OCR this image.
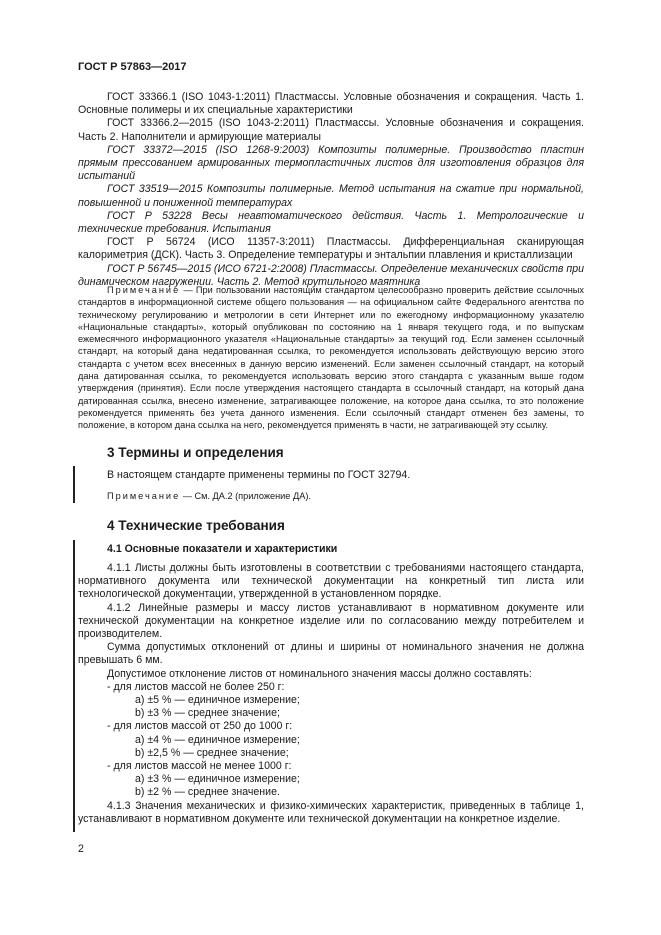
ГОСТ Р 57863—2017

ГОСТ 33366.1 (ISO 1043-1:2011) Пластмассы. Условные обозначения и сокращения. Часть 1. Основные полимеры и их специальные характеристики

ГОСТ 33366.2—2015 (ISO 1043-2:2011) Пластмассы. Условные обозначения и сокращения. Часть 2. Наполнители и армирующие материалы

ГОСТ 33372—2015 (ISO 1268-9:2003) Композиты полимерные. Производство пластин прямым прессованием армированных термопластичных листов для изготовления образцов для испытаний

ГОСТ 33519—2015 Композиты полимерные. Метод испытания на сжатие при нормальной, повышенной и пониженной температурах

ГОСТ Р 53228 Весы неавтоматического действия. Часть 1. Метрологические и технические требования. Испытания

ГОСТ Р 56724 (ИСО 11357-3:2011) Пластмассы. Дифференциальная сканирующая калориметрия (ДСК). Часть 3. Определение температуры и энтальпии плавления и кристаллизации

ГОСТ Р 56745—2015 (ИСО 6721-2:2008) Пластмассы. Определение механических свойств при динамическом нагружении. Часть 2. Метод крутильного маятника

Примечание — При пользовании настоящим стандартом целесообразно проверить действие ссылочных стандартов в информационной системе общего пользования — на официальном сайте Федерального агентства по техническому регулированию и метрологии в сети Интернет или по ежегодному информационному указателю «Национальные стандарты», который опубликован по состоянию на 1 января текущего года, и по выпускам ежемесячного информационного указателя «Национальные стандарты» за текущий год. Если заменен ссылочный стандарт, на который дана недатированная ссылка, то рекомендуется использовать действующую версию этого стандарта с учетом всех внесенных в данную версию изменений. Если заменен ссылочный стандарт, на который дана датированная ссылка, то рекомендуется использовать версию этого стандарта с указанным выше годом утверждения (принятия). Если после утверждения настоящего стандарта в ссылочный стандарт, на который дана датированная ссылка, внесено изменение, затрагивающее положение, на которое дана ссылка, то это положение рекомендуется применять без учета данного изменения. Если ссылочный стандарт отменен без замены, то положение, в котором дана ссылка на него, рекомендуется применять в части, не затрагивающей эту ссылку.

3 Термины и определения

В настоящем стандарте применены термины по ГОСТ 32794.

Примечание — См. ДА.2 (приложение ДА).

4 Технические требования
4.1 Основные показатели и характеристики

4.1.1 Листы должны быть изготовлены в соответствии с требованиями настоящего стандарта, нормативного документа или технической документации на конкретный тип листа или технологической документации, утвержденной в установленном порядке.

4.1.2 Линейные размеры и массу листов устанавливают в нормативном документе или технической документации на конкретное изделие или по согласованию между потребителем и производителем.

Сумма допустимых отклонений от длины и ширины от номинального значения не должна превышать 6 мм.

Допустимое отклонение листов от номинального значения массы должно составлять:

- для листов массой не более 250 г:

a) ±5 % — единичное измерение;

b) ±3 % — среднее значение;

- для листов массой от 250 до 1000 г:

a) ±4 % — единичное измерение;

b) ±2,5 % — среднее значение;

- для листов массой не менее 1000 г:

a) ±3 % — единичное измерение;

b) ±2 % — среднее значение.

4.1.3 Значения механических и физико-химических характеристик, приведенных в таблице 1, устанавливают в нормативном документе или технической документации на конкретное изделие.

2
